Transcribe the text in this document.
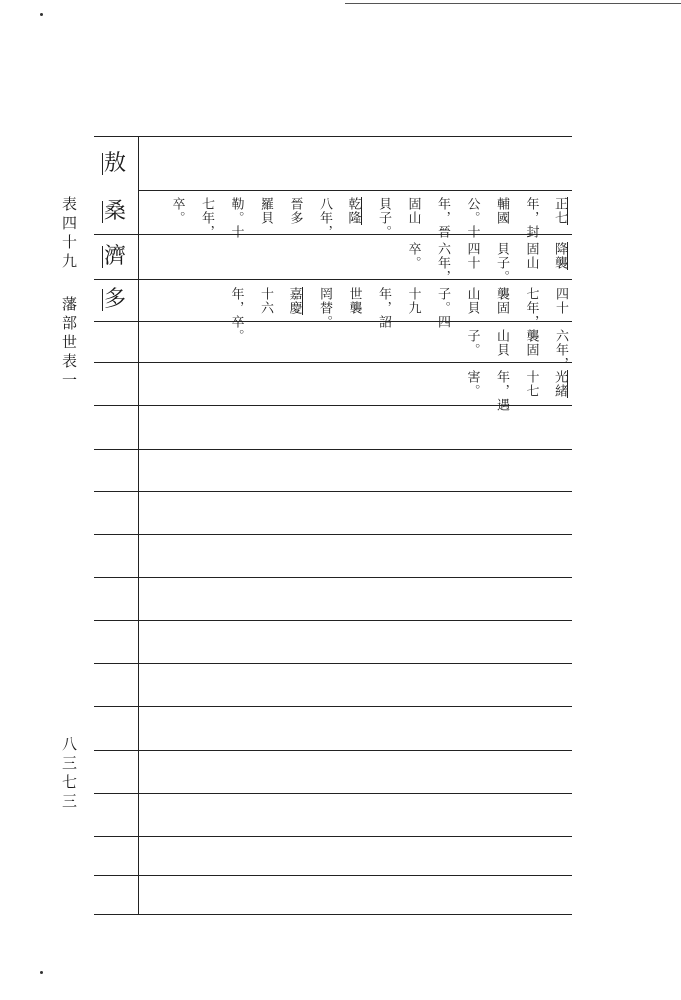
表四十九
藩部世表一
八三七三
敖
桑
濟
多
正七
年，封
輔國
公。十
年，晉
固山
貝子。
乾隆
八年，
晉多
羅貝
勒。十
七年，
卒。
降襲
固山
貝子。
四十
六年，
卒。
四十
七年，
襲固
山貝
子。四
十九
年，詔
世襲
罔替。
嘉慶
十六
年，卒。
六年，
襲固
山貝
子。
光緒
十七
年，遇
害。
